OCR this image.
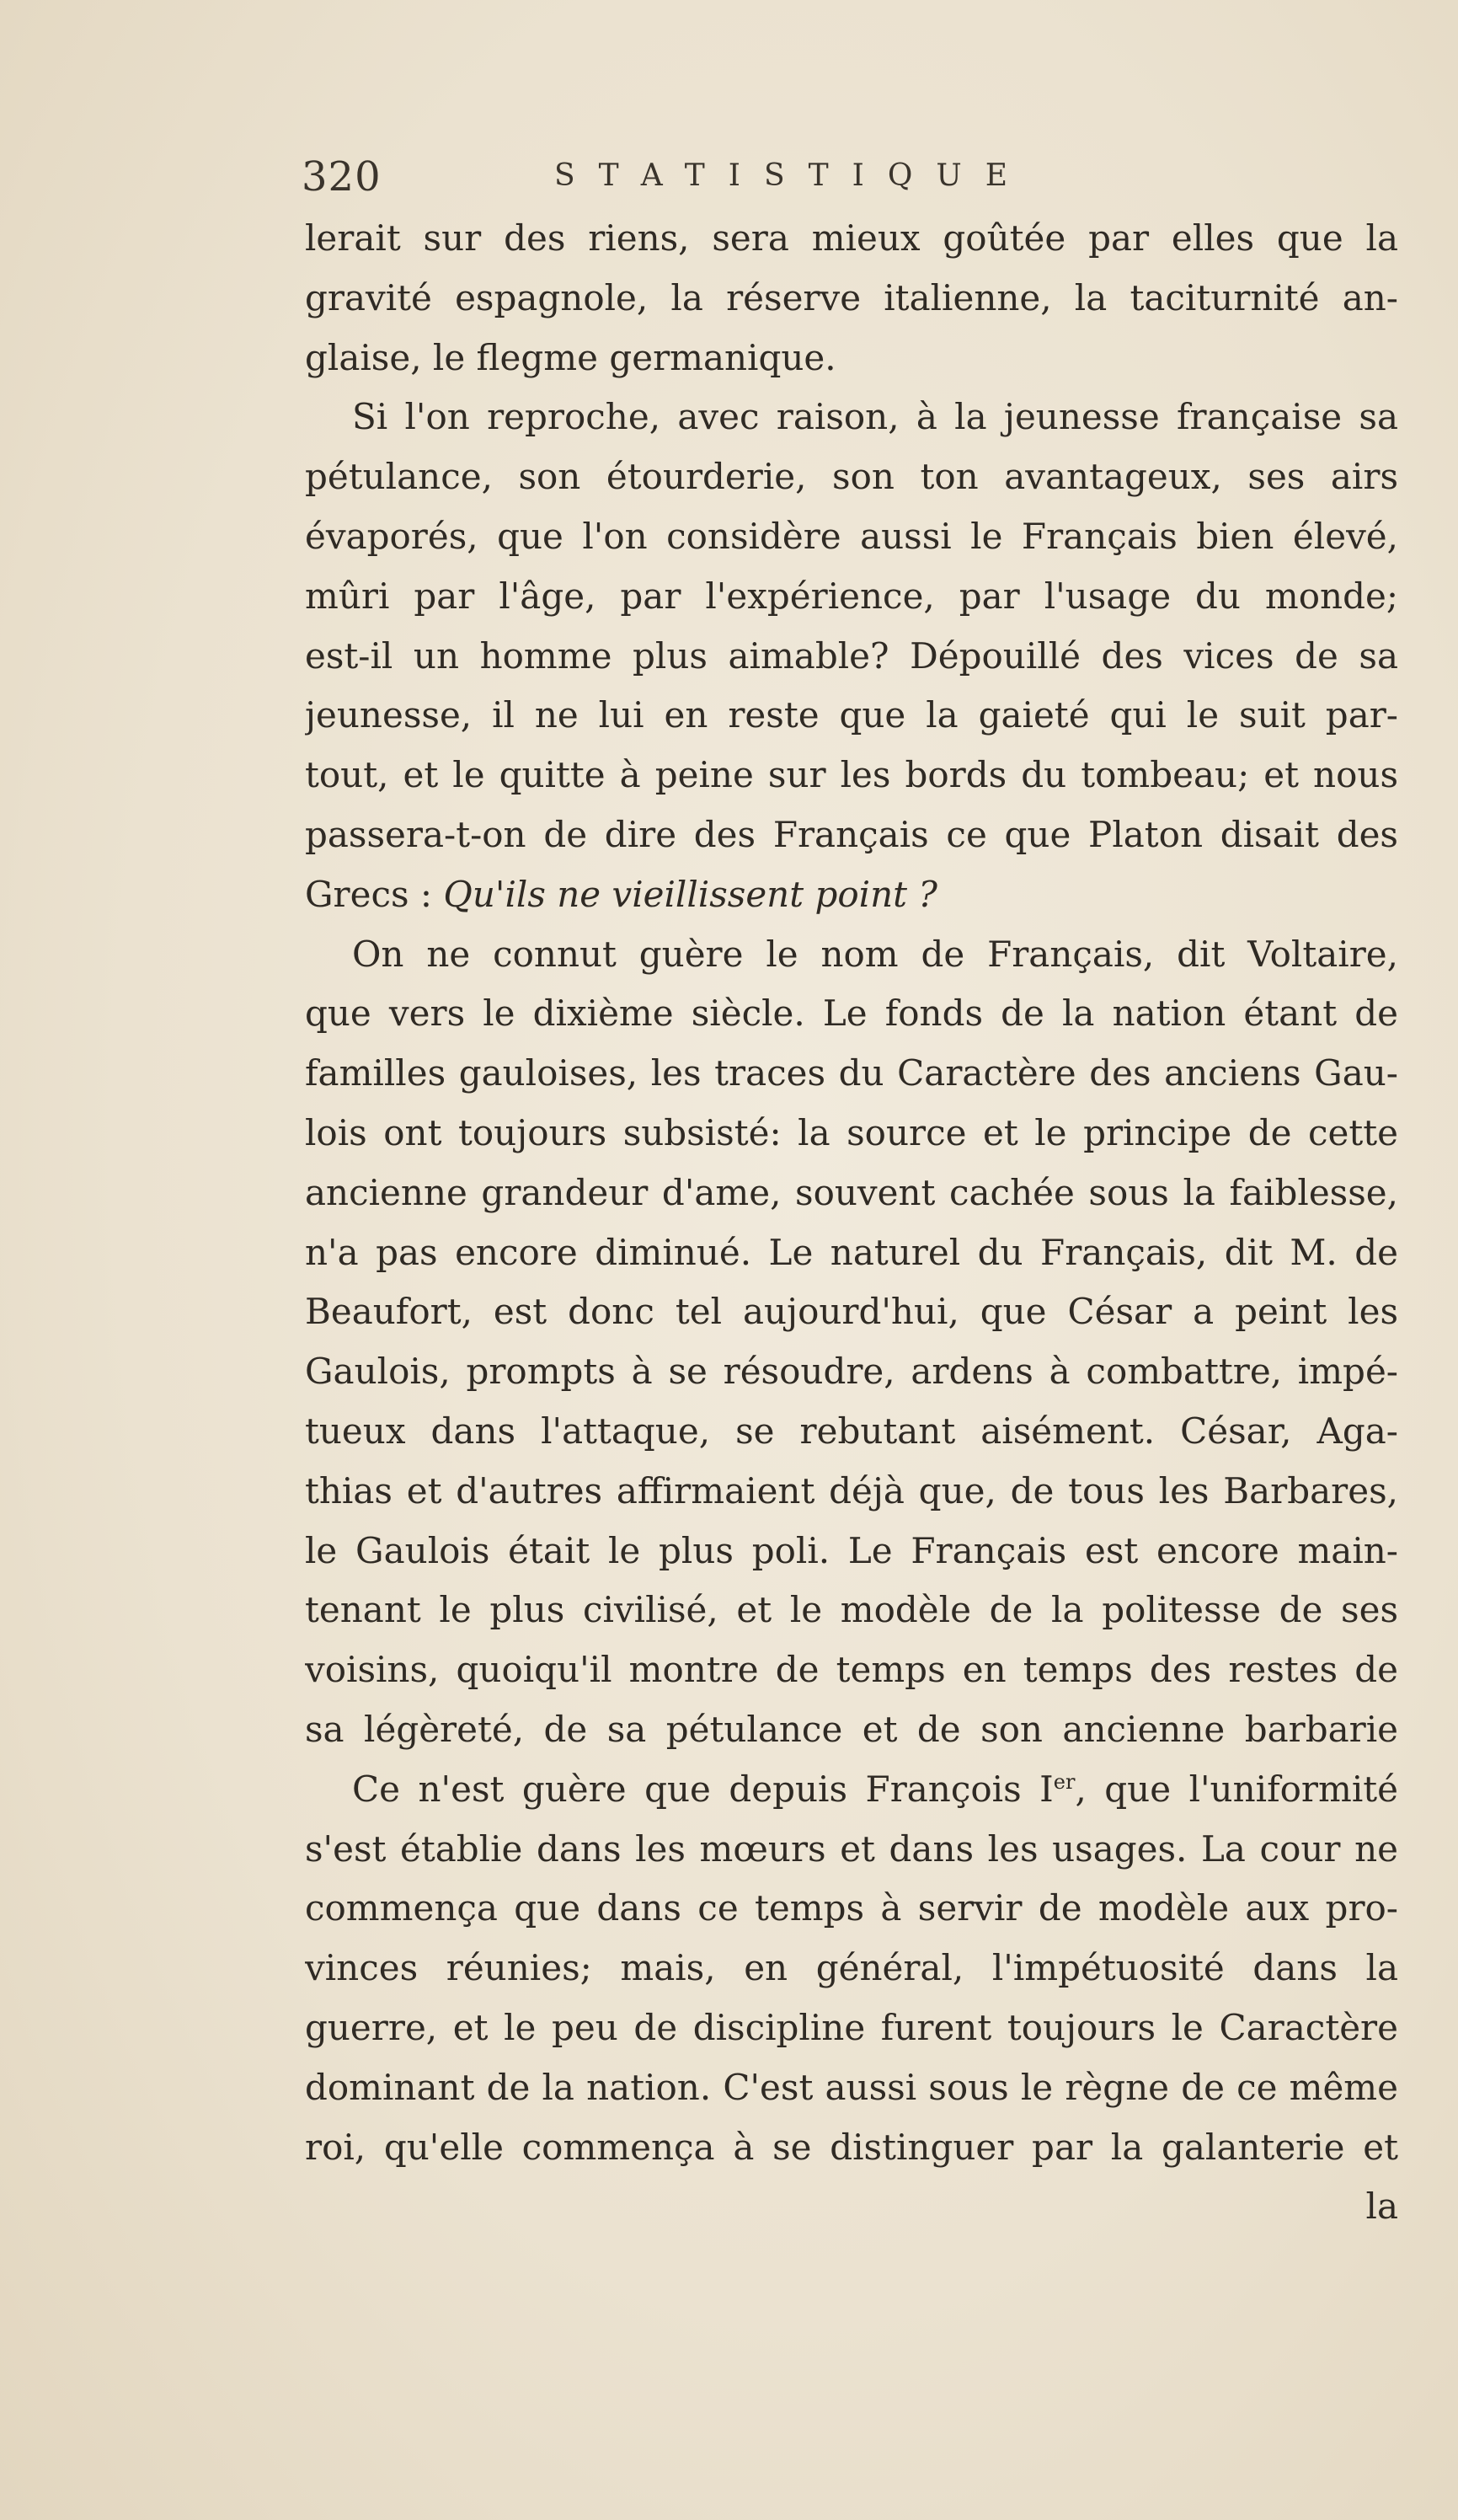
320	STATISTIQUE
lerait sur des riens, sera mieux goûtée par elles que la
gravité espagnole, la réserve italienne, la taciturnité an-
glaise, le flegme germanique.
Si l'on reproche, avec raison, à la jeunesse française sa
pétulance, son étourderie, son ton avantageux, ses airs
évaporés, que l'on considère aussi le Français bien élevé,
mûri par l'âge, par l'expérience, par l'usage du monde;
est-il un homme plus aimable? Dépouillé des vices de sa
jeunesse, il ne lui en reste que la gaieté qui le suit par-
tout, et le quitte à peine sur les bords du tombeau; et nous
passera-t-on de dire des Français ce que Platon disait des
Grecs : Qu'ils ne vieillissent point ?
On ne connut guère le nom de Français, dit Voltaire,
que vers le dixième siècle. Le fonds de la nation étant de
familles gauloises, les traces du Caractère des anciens Gau-
lois ont toujours subsisté: la source et le principe de cette
ancienne grandeur d'ame, souvent cachée sous la faiblesse,
n'a pas encore diminué. Le naturel du Français, dit M. de
Beaufort, est donc tel aujourd'hui, que César a peint les
Gaulois, prompts à se résoudre, ardens à combattre, impé-
tueux dans l'attaque, se rebutant aisément. César, Aga-
thias et d'autres affirmaient déjà que, de tous les Barbares,
le Gaulois était le plus poli. Le Français est encore main-
tenant le plus civilisé, et le modèle de la politesse de ses
voisins, quoiqu'il montre de temps en temps des restes de
sa légèreté, de sa pétulance et de son ancienne barbarie
Ce n'est guère que depuis François Ier, que l'uniformité
s'est établie dans les mœurs et dans les usages. La cour ne
commença que dans ce temps à servir de modèle aux pro-
vinces réunies; mais, en général, l'impétuosité dans la
guerre, et le peu de discipline furent toujours le Caractère
dominant de la nation. C'est aussi sous le règne de ce même
roi, qu'elle commença à se distinguer par la galanterie et
la
